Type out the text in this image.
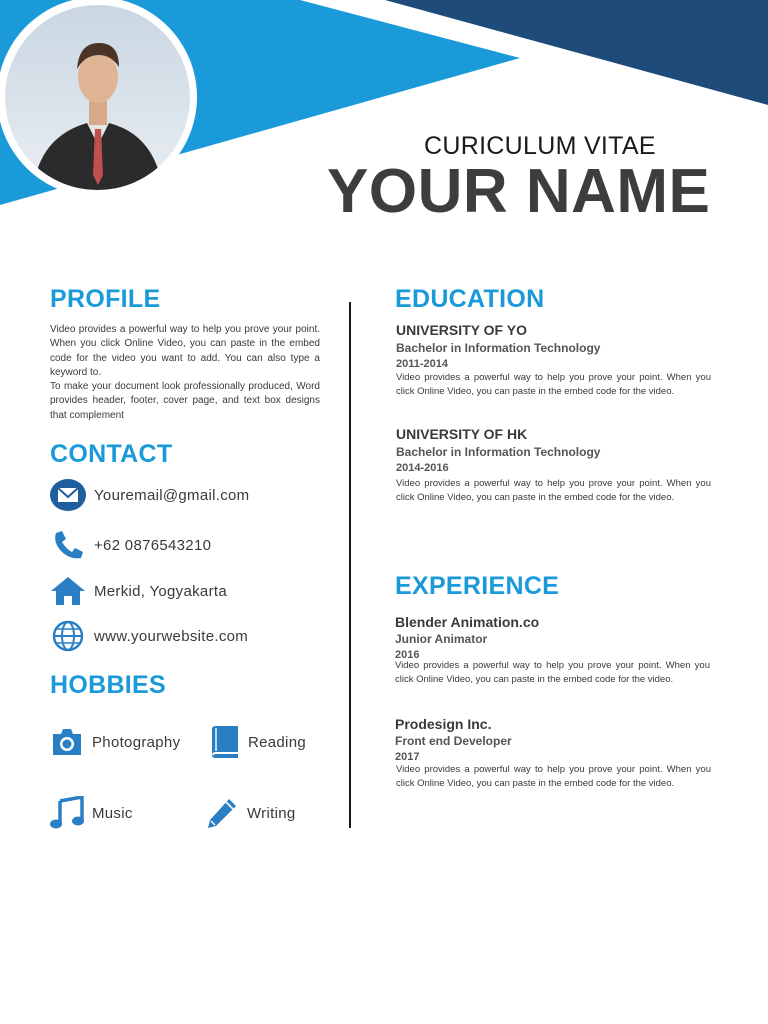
CURICULUM VITAE
YOUR NAME
PROFILE
Video provides a powerful way to help you prove your point. When you click Online Video, you can paste in the embed code for the video you want to add. You can also type a keyword to.
To make your document look professionally produced, Word provides header, footer, cover page, and text box designs that complement
CONTACT
Youremail@gmail.com
+62 0876543210
Merkid, Yogyakarta
www.yourwebsite.com
HOBBIES
Photography	Reading
Music	Writing
EDUCATION
UNIVERSITY OF YO
Bachelor in Information Technology
2011-2014
Video provides a powerful way to help you prove your point. When you click Online Video, you can paste in the embed code for the video.
UNIVERSITY OF HK
Bachelor in Information Technology
2014-2016
Video provides a powerful way to help you prove your point. When you click Online Video, you can paste in the embed code for the video.
EXPERIENCE
Blender Animation.co
Junior Animator
2016
Video provides a powerful way to help you prove your point. When you click Online Video, you can paste in the embed code for the video.
Prodesign Inc.
Front end Developer
2017
Video provides a powerful way to help you prove your point. When you click Online Video, you can paste in the embed code for the video.
